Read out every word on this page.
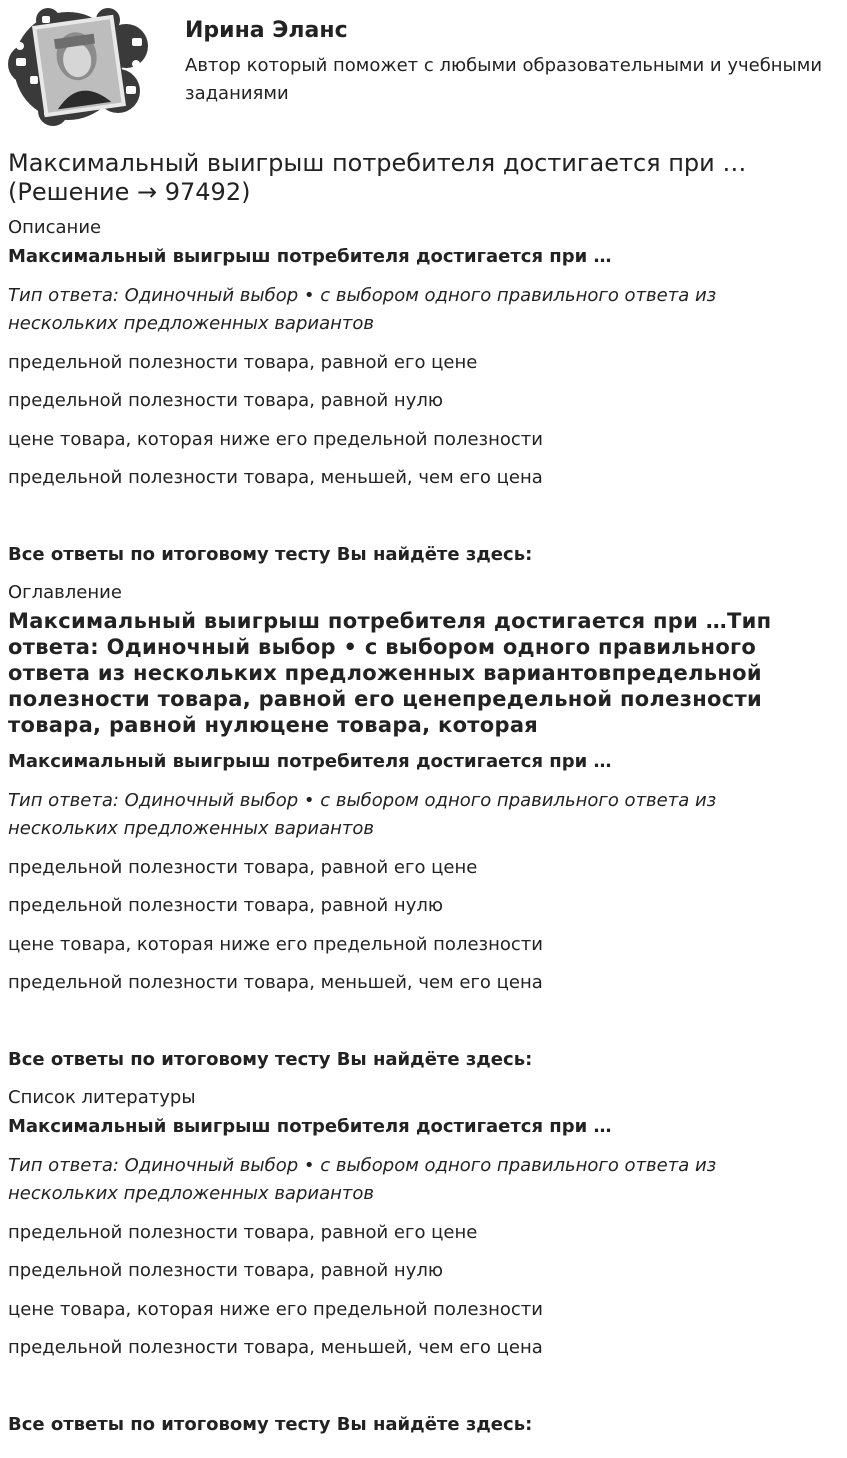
Ирина Эланс
Автор который поможет с любыми образовательными и учебными заданиями
Максимальный выигрыш потребителя достигается при … (Решение → 97492)
Описание
Максимальный выигрыш потребителя достигается при …
Тип ответа: Одиночный выбор • с выбором одного правильного ответа из нескольких предложенных вариантов
предельной полезности товара, равной его цене
предельной полезности товара, равной нулю
цене товара, которая ниже его предельной полезности
предельной полезности товара, меньшей, чем его цена
Все ответы по итоговому тесту Вы найдёте здесь:
Оглавление
Максимальный выигрыш потребителя достигается при …Тип ответа: Одиночный выбор • с выбором одного правильного ответа из нескольких предложенных вариантовпредельной полезности товара, равной его ценепредельной полезности товара, равной нулюцене товара, которая
Максимальный выигрыш потребителя достигается при …
Тип ответа: Одиночный выбор • с выбором одного правильного ответа из нескольких предложенных вариантов
предельной полезности товара, равной его цене
предельной полезности товара, равной нулю
цене товара, которая ниже его предельной полезности
предельной полезности товара, меньшей, чем его цена
Все ответы по итоговому тесту Вы найдёте здесь:
Список литературы
Максимальный выигрыш потребителя достигается при …
Тип ответа: Одиночный выбор • с выбором одного правильного ответа из нескольких предложенных вариантов
предельной полезности товара, равной его цене
предельной полезности товара, равной нулю
цене товара, которая ниже его предельной полезности
предельной полезности товара, меньшей, чем его цена
Все ответы по итоговому тесту Вы найдёте здесь:
